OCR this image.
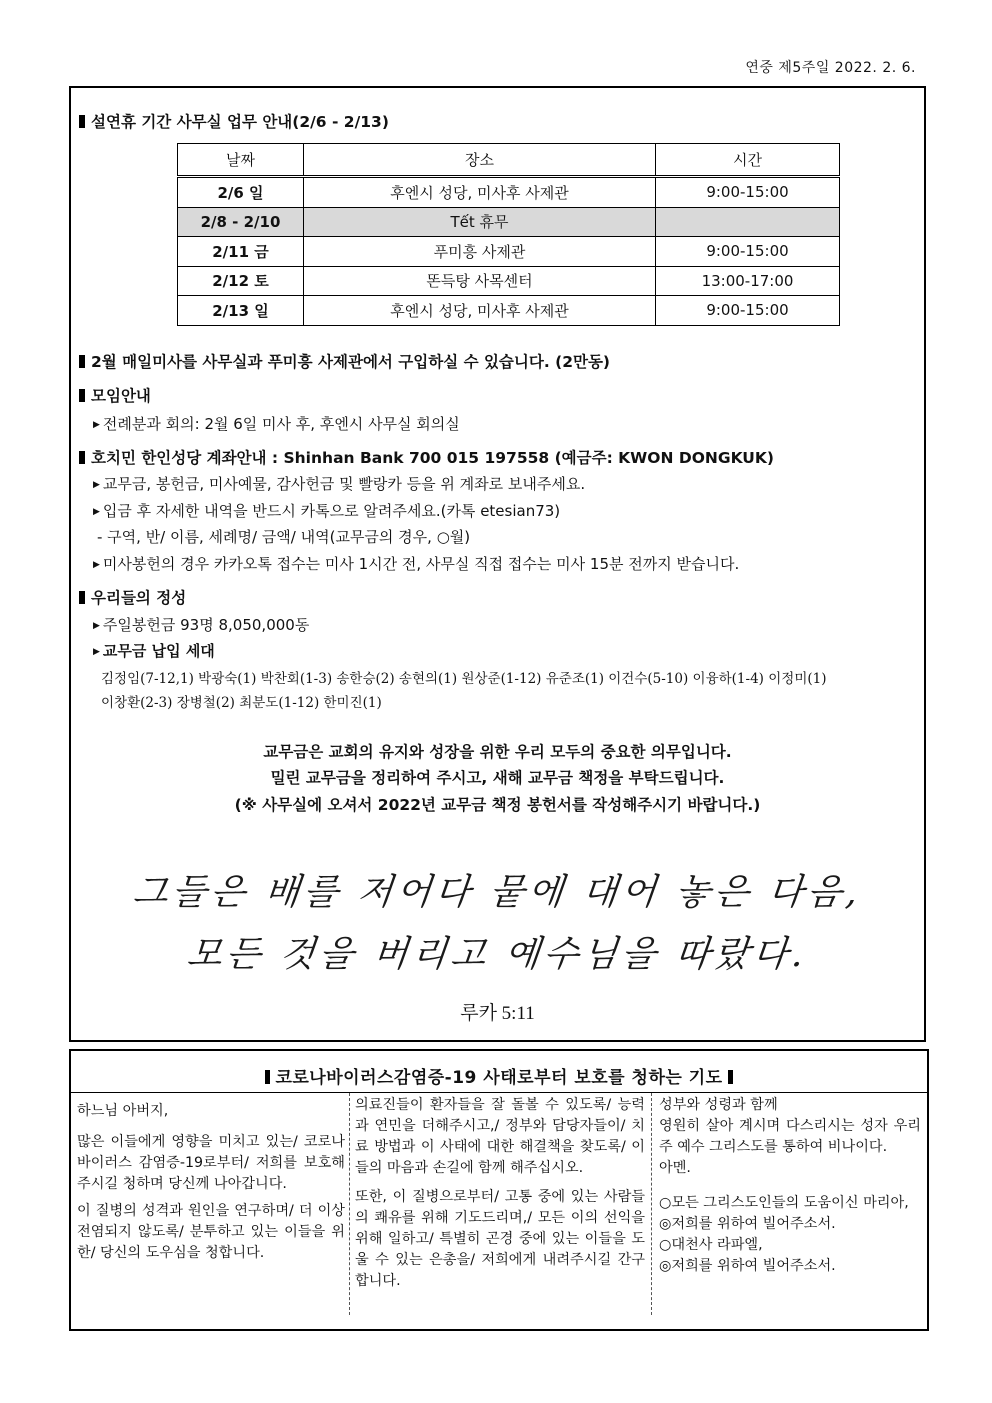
연중 제5주일 2022. 2. 6.
설연휴 기간 사무실 업무 안내(2/6 - 2/13)
날짜	장소	시간
2/6 일	후엔시 성당, 미사후 사제관	9:00-15:00
2/8 - 2/10	Tết 휴무	
2/11 금	푸미흥 사제관	9:00-15:00
2/12 토	똔득탕 사목센터	13:00-17:00
2/13 일	후엔시 성당, 미사후 사제관	9:00-15:00
2월 매일미사를 사무실과 푸미흥 사제관에서 구입하실 수 있습니다. (2만동)
모임안내
▶ 전례분과 회의: 2월 6일 미사 후, 후엔시 사무실 회의실
호치민 한인성당 계좌안내 : Shinhan Bank 700 015 197558 (예금주: KWON DONGKUK)
▶ 교무금, 봉헌금, 미사예물, 감사헌금 및 빨랑카 등을 위 계좌로 보내주세요.
▶ 입금 후 자세한 내역을 반드시 카톡으로 알려주세요.(카톡 etesian73)
- 구역, 반/ 이름, 세례명/ 금액/ 내역(교무금의 경우, ○월)
▶ 미사봉헌의 경우 카카오톡 접수는 미사 1시간 전, 사무실 직접 접수는 미사 15분 전까지 받습니다.
우리들의 정성
▶ 주일봉헌금 93명 8,050,000동
▶ 교무금 납입 세대
김정임(7-12,1) 박광숙(1) 박찬회(1-3) 송한승(2) 송현의(1) 원상준(1-12) 유준조(1) 이건수(5-10) 이융하(1-4) 이정미(1)
이창환(2-3) 장병철(2) 최분도(1-12) 한미진(1)
교무금은 교회의 유지와 성장을 위한 우리 모두의 중요한 의무입니다.
밀린 교무금을 정리하여 주시고, 새해 교무금 책정을 부탁드립니다.
(※ 사무실에 오셔서 2022년 교무금 책정 봉헌서를 작성해주시기 바랍니다.)
그들은 배를 저어다 뭍에 대어 놓은 다음,
모든 것을 버리고 예수님을 따랐다.
루카 5:11
코로나바이러스감염증-19 사태로부터 보호를 청하는 기도

하느님 아버지,

많은 이들에게 영향을 미치고 있는/ 코로나 바이러스 감염증-19로부터/ 저희를 보호해주시길 청하며 당신께 나아갑니다.

이 질병의 성격과 원인을 연구하며/ 더 이상 전염되지 않도록/ 분투하고 있는 이들을 위한/ 당신의 도우심을 청합니다.

의료진들이 환자들을 잘 돌볼 수 있도록/ 능력과 연민을 더해주시고,/ 정부와 담당자들이/ 치료 방법과 이 사태에 대한 해결책을 찾도록/ 이들의 마음과 손길에 함께 해주십시오.

또한, 이 질병으로부터/ 고통 중에 있는 사람들의 쾌유를 위해 기도드리며,/ 모든 이의 선익을 위해 일하고/ 특별히 곤경 중에 있는 이들을 도울 수 있는 은총을/ 저희에게 내려주시길 간구합니다.

성부와 성령과 함께

영원히 살아 계시며 다스리시는 성자 우리 주 예수 그리스도를 통하여 비나이다.

아멘.

○모든 그리스도인들의 도움이신 마리아,

◎저희를 위하여 빌어주소서.

○대천사 라파엘,

◎저희를 위하여 빌어주소서.
